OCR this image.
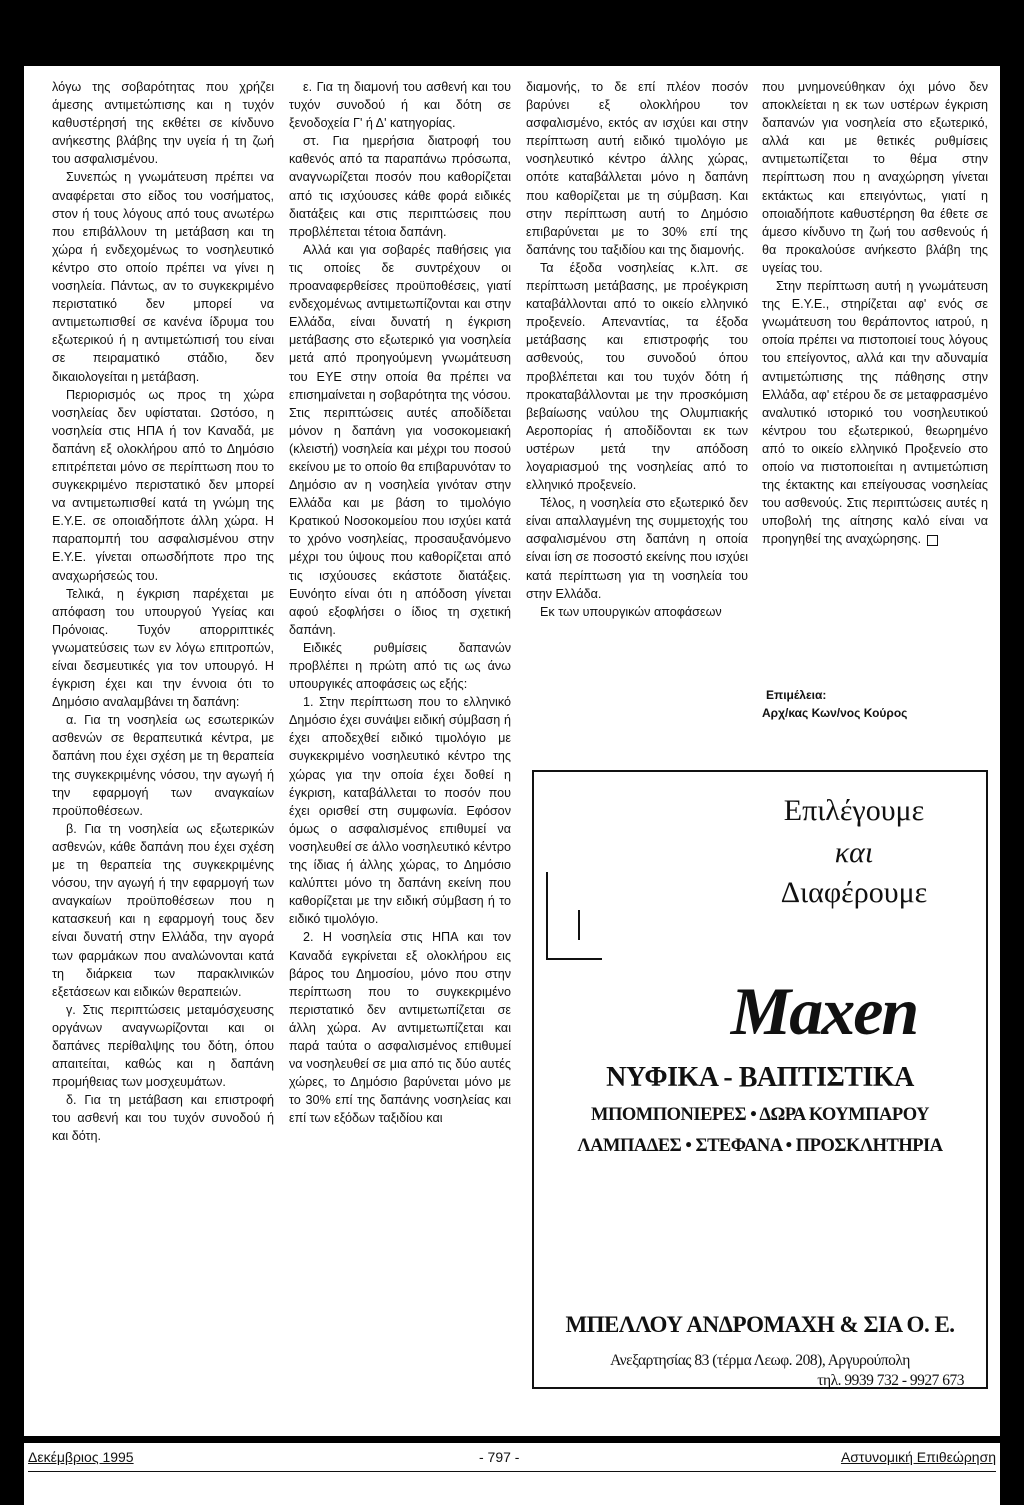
λόγω της σοβαρότητας που χρήζει άμεσης αντιμετώπισης και η τυχόν καθυστέρησή της εκθέτει σε κίνδυνο ανήκεστης βλάβης την υγεία ή τη ζωή του ασφαλισμένου.

Συνεπώς η γνωμάτευση πρέπει να αναφέρεται στο είδος του νοσήματος, στον ή τους λόγους από τους ανωτέρω που επιβάλλουν τη μετάβαση και τη χώρα ή ενδεχομένως το νοσηλευτικό κέντρο στο οποίο πρέπει να γίνει η νοσηλεία. Πάντως, αν το συγκεκριμένο περιστατικό δεν μπορεί να αντιμετωπισθεί σε κανένα ίδρυμα του εξωτερικού ή η αντιμετώπισή του είναι σε πειραματικό στάδιο, δεν δικαιολογείται η μετάβαση.

Περιορισμός ως προς τη χώρα νοσηλείας δεν υφίσταται. Ωστόσο, η νοσηλεία στις ΗΠΑ ή τον Καναδά, με δαπάνη εξ ολοκλήρου από το Δημόσιο επιτρέπεται μόνο σε περίπτωση που το συγκεκριμένο περιστατικό δεν μπορεί να αντιμετωπισθεί κατά τη γνώμη της Ε.Υ.Ε. σε οποιαδήποτε άλλη χώρα. Η παραπομπή του ασφαλισμένου στην Ε.Υ.Ε. γίνεται οπωσδήποτε προ της αναχωρήσεώς του.

Τελικά, η έγκριση παρέχεται με απόφαση του υπουργού Υγείας και Πρόνοιας. Τυχόν απορριπτικές γνωματεύσεις των εν λόγω επιτροπών, είναι δεσμευτικές για τον υπουργό. Η έγκριση έχει και την έννοια ότι το Δημόσιο αναλαμβάνει τη δαπάνη:

α. Για τη νοσηλεία ως εσωτερικών ασθενών σε θεραπευτικά κέντρα, με δαπάνη που έχει σχέση με τη θεραπεία της συγκεκριμένης νόσου, την αγωγή ή την εφαρμογή των αναγκαίων προϋποθέσεων.

β. Για τη νοσηλεία ως εξωτερικών ασθενών, κάθε δαπάνη που έχει σχέση με τη θεραπεία της συγκεκριμένης νόσου, την αγωγή ή την εφαρμογή των αναγκαίων προϋποθέσεων που η κατασκευή και η εφαρμογή τους δεν είναι δυνατή στην Ελλάδα, την αγορά των φαρμάκων που αναλώνονται κατά τη διάρκεια των παρακλινικών εξετάσεων και ειδικών θεραπειών.

γ. Στις περιπτώσεις μεταμόσχευσης οργάνων αναγνωρίζονται και οι δαπάνες περίθαλψης του δότη, όπου απαιτείται, καθώς και η δαπάνη προμήθειας των μοσχευμάτων.

δ. Για τη μετάβαση και επιστροφή του ασθενή και του τυχόν συνοδού ή και δότη.

ε. Για τη διαμονή του ασθενή και του τυχόν συνοδού ή και δότη σε ξενοδοχεία Γ' ή Δ' κατηγορίας.

στ. Για ημερήσια διατροφή του καθενός από τα παραπάνω πρόσωπα, αναγνωρίζεται ποσόν που καθορίζεται από τις ισχύουσες κάθε φορά ειδικές διατάξεις και στις περιπτώσεις που προβλέπεται τέτοια δαπάνη.

Αλλά και για σοβαρές παθήσεις για τις οποίες δε συντρέχουν οι προαναφερθείσες προϋποθέσεις, γιατί ενδεχομένως αντιμετωπίζονται και στην Ελλάδα, είναι δυνατή η έγκριση μετάβασης στο εξωτερικό για νοσηλεία μετά από προηγούμενη γνωμάτευση του ΕΥΕ στην οποία θα πρέπει να επισημαίνεται η σοβαρότητα της νόσου. Στις περιπτώσεις αυτές αποδίδεται μόνον η δαπάνη για νοσοκομειακή (κλειστή) νοσηλεία και μέχρι του ποσού εκείνου με το οποίο θα επιβαρυνόταν το Δημόσιο αν η νοσηλεία γινόταν στην Ελλάδα και με βάση το τιμολόγιο Κρατικού Νοσοκομείου που ισχύει κατά το χρόνο νοσηλείας, προσαυξανόμενο μέχρι του ύψους που καθορίζεται από τις ισχύουσες εκάστοτε διατάξεις. Ευνόητο είναι ότι η απόδοση γίνεται αφού εξοφλήσει ο ίδιος τη σχετική δαπάνη.

Ειδικές ρυθμίσεις δαπανών προβλέπει η πρώτη από τις ως άνω υπουργικές αποφάσεις ως εξής:

1. Στην περίπτωση που το ελληνικό Δημόσιο έχει συνάψει ειδική σύμβαση ή έχει αποδεχθεί ειδικό τιμολόγιο με συγκεκριμένο νοσηλευτικό κέντρο της χώρας για την οποία έχει δοθεί η έγκριση, καταβάλλεται το ποσόν που έχει ορισθεί στη συμφωνία. Εφόσον όμως ο ασφαλισμένος επιθυμεί να νοσηλευθεί σε άλλο νοσηλευτικό κέντρο της ίδιας ή άλλης χώρας, το Δημόσιο καλύπτει μόνο τη δαπάνη εκείνη που καθορίζεται με την ειδική σύμβαση ή το ειδικό τιμολόγιο.

2. Η νοσηλεία στις ΗΠΑ και τον Καναδά εγκρίνεται εξ ολοκλήρου εις βάρος του Δημοσίου, μόνο που στην περίπτωση που το συγκεκριμένο περιστατικό δεν αντιμετωπίζεται σε άλλη χώρα. Αν αντιμετωπίζεται και παρά ταύτα ο ασφαλισμένος επιθυμεί να νοσηλευθεί σε μια από τις δύο αυτές χώρες, το Δημόσιο βαρύνεται μόνο με το 30% επί της δαπάνης νοσηλείας και επί των εξόδων ταξιδίου και

διαμονής, το δε επί πλέον ποσόν βαρύνει εξ ολοκλήρου τον ασφαλισμένο, εκτός αν ισχύει και στην περίπτωση αυτή ειδικό τιμολόγιο με νοσηλευτικό κέντρο άλλης χώρας, οπότε καταβάλλεται μόνο η δαπάνη που καθορίζεται με τη σύμβαση. Και στην περίπτωση αυτή το Δημόσιο επιβαρύνεται με το 30% επί της δαπάνης του ταξιδίου και της διαμονής.

Τα έξοδα νοσηλείας κ.λπ. σε περίπτωση μετάβασης, με προέγκριση καταβάλλονται από το οικείο ελληνικό προξενείο. Απεναντίας, τα έξοδα μετάβασης και επιστροφής του ασθενούς, του συνοδού όπου προβλέπεται και του τυχόν δότη ή προκαταβάλλονται με την προσκόμιση βεβαίωσης ναύλου της Ολυμπιακής Αεροπορίας ή αποδίδονται εκ των υστέρων μετά την απόδοση λογαριασμού της νοσηλείας από το ελληνικό προξενείο.

Τέλος, η νοσηλεία στο εξωτερικό δεν είναι απαλλαγμένη της συμμετοχής του ασφαλισμένου στη δαπάνη η οποία είναι ίση σε ποσοστό εκείνης που ισχύει κατά περίπτωση για τη νοσηλεία του στην Ελλάδα.

Εκ των υπουργικών αποφάσεων

που μνημονεύθηκαν όχι μόνο δεν αποκλείεται η εκ των υστέρων έγκριση δαπανών για νοσηλεία στο εξωτερικό, αλλά και με θετικές ρυθμίσεις αντιμετωπίζεται το θέμα στην περίπτωση που η αναχώρηση γίνεται εκτάκτως και επειγόντως, γιατί η οποιαδήποτε καθυστέρηση θα έθετε σε άμεσο κίνδυνο τη ζωή του ασθενούς ή θα προκαλούσε ανήκεστο βλάβη της υγείας του.

Στην περίπτωση αυτή η γνωμάτευση της Ε.Υ.Ε., στηρίζεται αφ' ενός σε γνωμάτευση του θεράποντος ιατρού, η οποία πρέπει να πιστοποιεί τους λόγους του επείγοντος, αλλά και την αδυναμία αντιμετώπισης της πάθησης στην Ελλάδα, αφ' ετέρου δε σε μεταφρασμένο αναλυτικό ιστορικό του νοσηλευτικού κέντρου του εξωτερικού, θεωρημένο από το οικείο ελληνικό Προξενείο στο οποίο να πιστοποιείται η αντιμετώπιση της έκτακτης και επείγουσας νοσηλείας του ασθενούς. Στις περιπτώσεις αυτές η υποβολή της αίτησης καλό είναι να προηγηθεί της αναχώρησης.

Επιμέλεια:
Αρχ/κας Κων/νος Κούρος
Επιλέγουμε
και
Διαφέρουμε
Maxen
ΝΥΦΙΚΑ - ΒΑΠΤΙΣΤΙΚΑ
ΜΠΟΜΠΟΝΙΕΡΕΣ • ΔΩΡΑ ΚΟΥΜΠΑΡΟΥ
ΛΑΜΠΑΔΕΣ • ΣΤΕΦΑΝΑ • ΠΡΟΣΚΛΗΤΗΡΙΑ
ΜΠΕΛΛΟΥ ΑΝΔΡΟΜΑΧΗ & ΣΙΑ Ο. Ε.
Ανεξαρτησίας 83 (τέρμα Λεωφ. 208), Αργυρούπολη
τηλ. 9939 732 - 9927 673
Δεκέμβριος 1995	- 797 -	Αστυνομική Επιθεώρηση
